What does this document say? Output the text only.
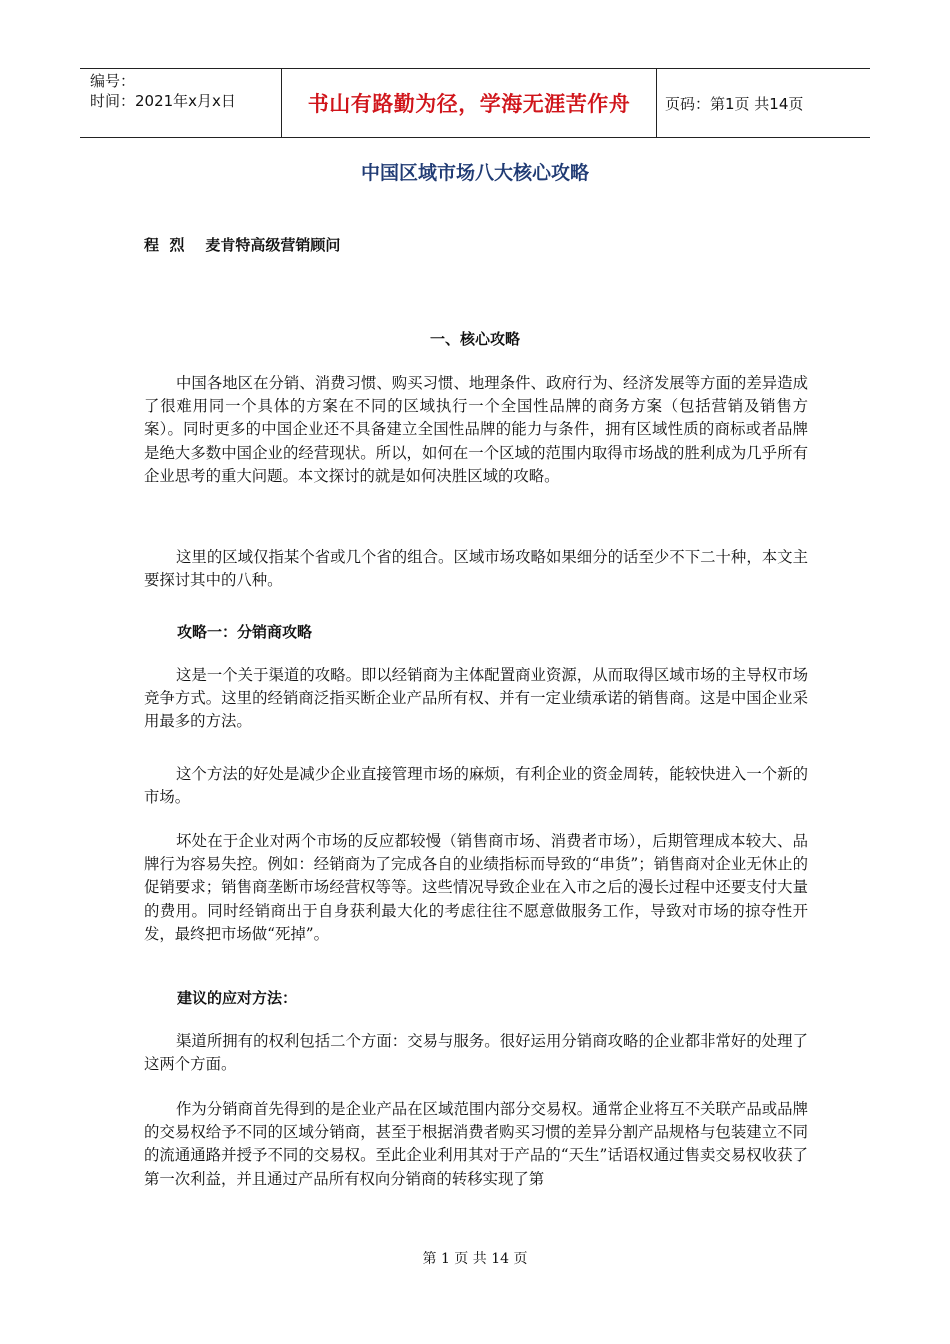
编号：
时间：2021年x月x日	书山有路勤为径，学海无涯苦作舟 页码：第1页 共14页
中国区域市场八大核心攻略
程  烈    麦肯特高级营销顾问
一、核心攻略

中国各地区在分销、消费习惯、购买习惯、地理条件、政府行为、经济发展等方面的差异造成了很难用同一个具体的方案在不同的区域执行一个全国性品牌的商务方案（包括营销及销售方案）。同时更多的中国企业还不具备建立全国性品牌的能力与条件，拥有区域性质的商标或者品牌是绝大多数中国企业的经营现状。所以，如何在一个区域的范围内取得市场战的胜利成为几乎所有企业思考的重大问题。本文探讨的就是如何决胜区域的攻略。

这里的区域仅指某个省或几个省的组合。区域市场攻略如果细分的话至少不下二十种，本文主要探讨其中的八种。

攻略一：分销商攻略

这是一个关于渠道的攻略。即以经销商为主体配置商业资源，从而取得区域市场的主导权市场竞争方式。这里的经销商泛指买断企业产品所有权、并有一定业绩承诺的销售商。这是中国企业采用最多的方法。

这个方法的好处是减少企业直接管理市场的麻烦，有利企业的资金周转，能较快进入一个新的市场。

坏处在于企业对两个市场的反应都较慢（销售商市场、消费者市场），后期管理成本较大、品牌行为容易失控。例如：经销商为了完成各自的业绩指标而导致的“串货”；销售商对企业无休止的促销要求；销售商垄断市场经营权等等。这些情况导致企业在入市之后的漫长过程中还要支付大量的费用。同时经销商出于自身获利最大化的考虑往往不愿意做服务工作，导致对市场的掠夺性开发，最终把市场做“死掉”。

建议的应对方法：

渠道所拥有的权利包括二个方面：交易与服务。很好运用分销商攻略的企业都非常好的处理了这两个方面。

作为分销商首先得到的是企业产品在区域范围内部分交易权。通常企业将互不关联产品或品牌的交易权给予不同的区域分销商，甚至于根据消费者购买习惯的差异分割产品规格与包装建立不同的流通通路并授予不同的交易权。至此企业利用其对于产品的“天生”话语权通过售卖交易权收获了第一次利益，并且通过产品所有权向分销商的转移实现了第

第 1 页 共 14 页
